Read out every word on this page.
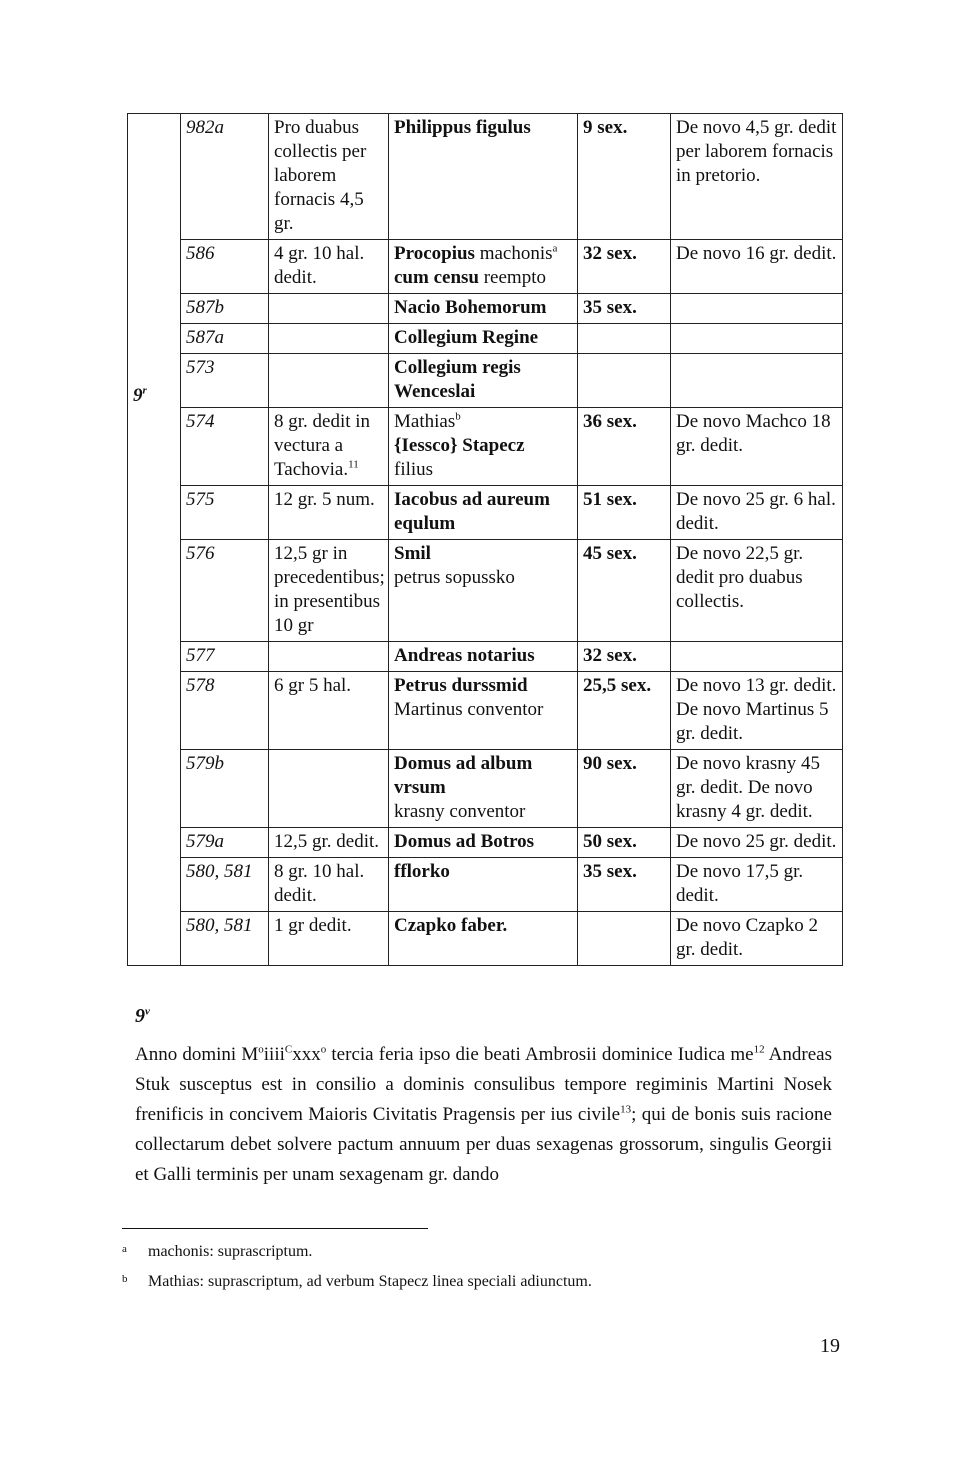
9$^r$	982a	Pro duabus collectis per laborem fornacis 4,5 gr.	Philippus figulus	9 sex.	De novo 4,5 gr. dedit per laborem fornacis in pretorio.
	586	4 gr. 10 hal. dedit.	Procopius machonis$^a$
cum censu reempto	32 sex.	De novo 16 gr. dedit.
	587b		Nacio Bohemorum	35 sex.	
	587a		Collegium Regine		
	573		Collegium regis Wenceslai		
	574	8 gr. dedit in vectura a Tachovia.$^{11}$	Mathias$^b$
{Iessco} Stapecz
filius	36 sex.	De novo Machco 18 gr. dedit.
	575	12 gr. 5 num.	Iacobus ad aureum equlum	51 sex.	De novo 25 gr. 6 hal. dedit.
	576	12,5 gr in precedentibus; in presentibus 10 gr	Smil
petrus sopussko	45 sex.	De novo 22,5 gr. dedit pro duabus collectis.
	577		Andreas notarius	32 sex.	
	578	6 gr 5 hal.	Petrus durssmid
Martinus conventor	25,5 sex.	De novo 13 gr. dedit. De novo Martinus 5 gr. dedit.
	579b		Domus ad album vrsum
krasny conventor	90 sex.	De novo krasny 45 gr. dedit. De novo krasny 4 gr. dedit.
	579a	12,5 gr. dedit.	Domus ad Botros	50 sex.	De novo 25 gr. dedit.
	580, 581	8 gr. 10 hal. dedit.	fflorko	35 sex.	De novo 17,5 gr. dedit.
	580, 581	1 gr dedit.	Czapko faber.		De novo Czapko 2 gr. dedit.
9$^v$
Anno domini $M^oiiii^Cxxx^o$ tercia feria ipso die beati Ambrosii dominice Iudica $me^{12}$ Andreas Stuk susceptus est in consilio a dominis consulibus tempore regiminis Martini Nosek frenificis in concivem Maioris Civitatis Pragensis per ius civile$^{13}$; qui de bonis suis racione collectarum debet solvere pactum annuum per duas sexagenas grossorum, singulis Georgii et Galli terminis per unam sexagenam gr. dando
a machonis: suprascriptum.
b Mathias: suprascriptum, ad verbum Stapecz linea speciali adiunctum.
19
